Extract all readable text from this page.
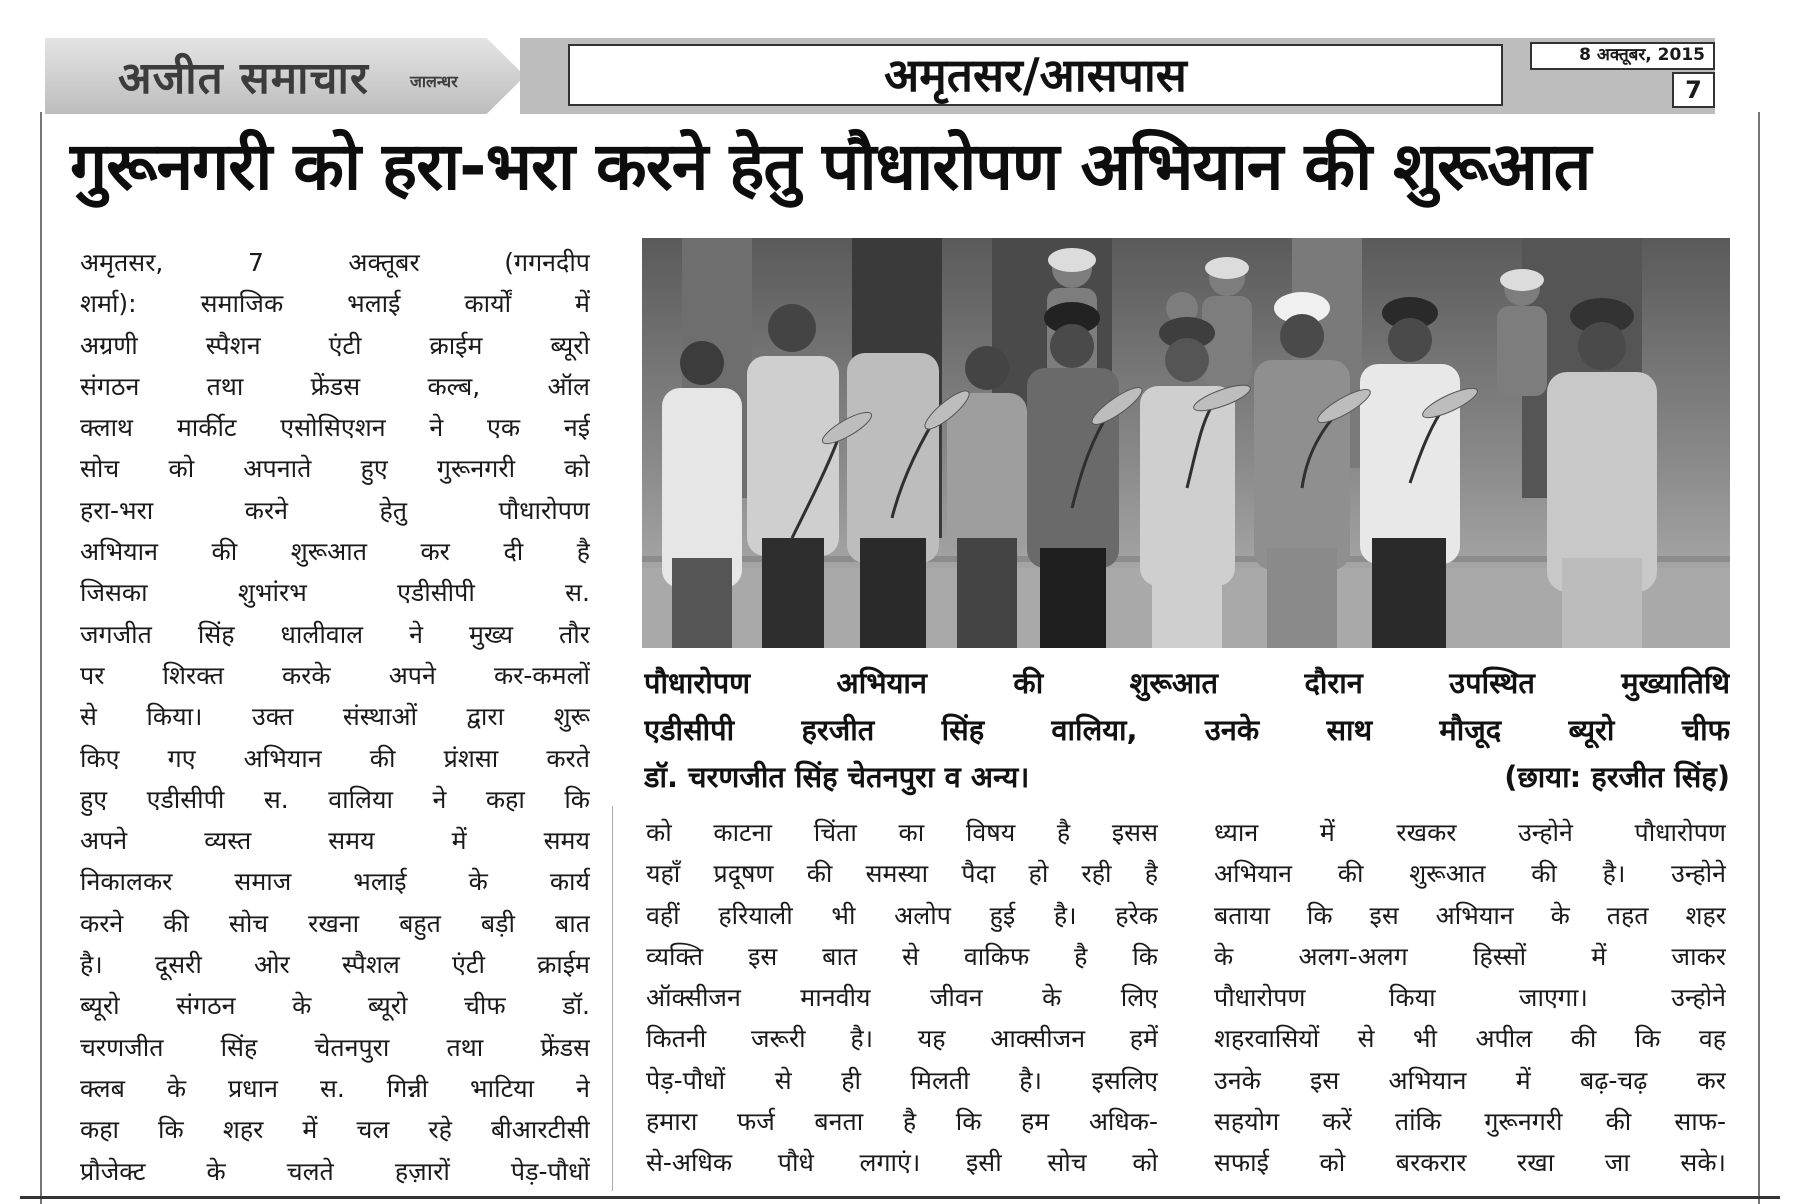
अजीत समाचार	जालन्धर	अमृतसर/आसपास	8 अक्तूबर, 2015
7
गुरूनगरी को हरा-भरा करने हेतु पौधारोपण अभियान की शुरूआत
अमृतसर, 7 अक्तूबर (गगनदीप
शर्मा): समाजिक भलाई कार्यों में
अग्रणी स्पैशन एंटी क्राईम ब्यूरो
संगठन तथा फ्रेंडस कल्ब, ऑल
क्लाथ मार्कीट एसोसिएशन ने एक नई
सोच को अपनाते हुए गुरूनगरी को
हरा-भरा करने हेतु पौधारोपण
अभियान की शुरूआत कर दी है
जिसका शुभांरभ एडीसीपी स.
जगजीत सिंह धालीवाल ने मुख्य तौर
पर शिरक्त करके अपने कर-कमलों
से किया। उक्त संस्थाओं द्वारा शुरू
किए गए अभियान की प्रंशसा करते
हुए एडीसीपी स. वालिया ने कहा कि
अपने व्यस्त समय में समय
निकालकर समाज भलाई के कार्य
करने की सोच रखना बहुत बड़ी बात
है। दूसरी ओर स्पैशल एंटी क्राईम
ब्यूरो संगठन के ब्यूरो चीफ डॉ.
चरणजीत सिंह चेतनपुरा तथा फ्रेंडस
क्लब के प्रधान स. गिन्नी भाटिया ने
कहा कि शहर में चल रहे बीआरटीसी
प्रौजेक्ट के चलते हज़ारों पेड़-पौधों
पौधारोपण अभियान की शुरूआत दौरान उपस्थित मुख्यातिथि
एडीसीपी हरजीत सिंह वालिया, उनके साथ मौजूद ब्यूरो चीफ
डॉ. चरणजीत सिंह चेतनपुरा व अन्य।	(छाया: हरजीत सिंह)
को काटना चिंता का विषय है इसस
यहाँ प्रदूषण की समस्या पैदा हो रही है
वहीं हरियाली भी अलोप हुई है। हरेक
व्यक्ति इस बात से वाकिफ है कि
ऑक्सीजन मानवीय जीवन के लिए
कितनी जरूरी है। यह आक्सीजन हमें
पेड़-पौधों से ही मिलती है। इसलिए
हमारा फर्ज बनता है कि हम अधिक-
से-अधिक पौधे लगाएं। इसी सोच को
ध्यान में रखकर उन्होने पौधारोपण
अभियान की शुरूआत की है। उन्होने
बताया कि इस अभियान के तहत शहर
के अलग-अलग हिस्सों में जाकर
पौधारोपण किया जाएगा। उन्होने
शहरवासियों से भी अपील की कि वह
उनके इस अभियान में बढ़-चढ़ कर
सहयोग करें तांकि गुरूनगरी की साफ-
सफाई को बरकरार रखा जा सके।
